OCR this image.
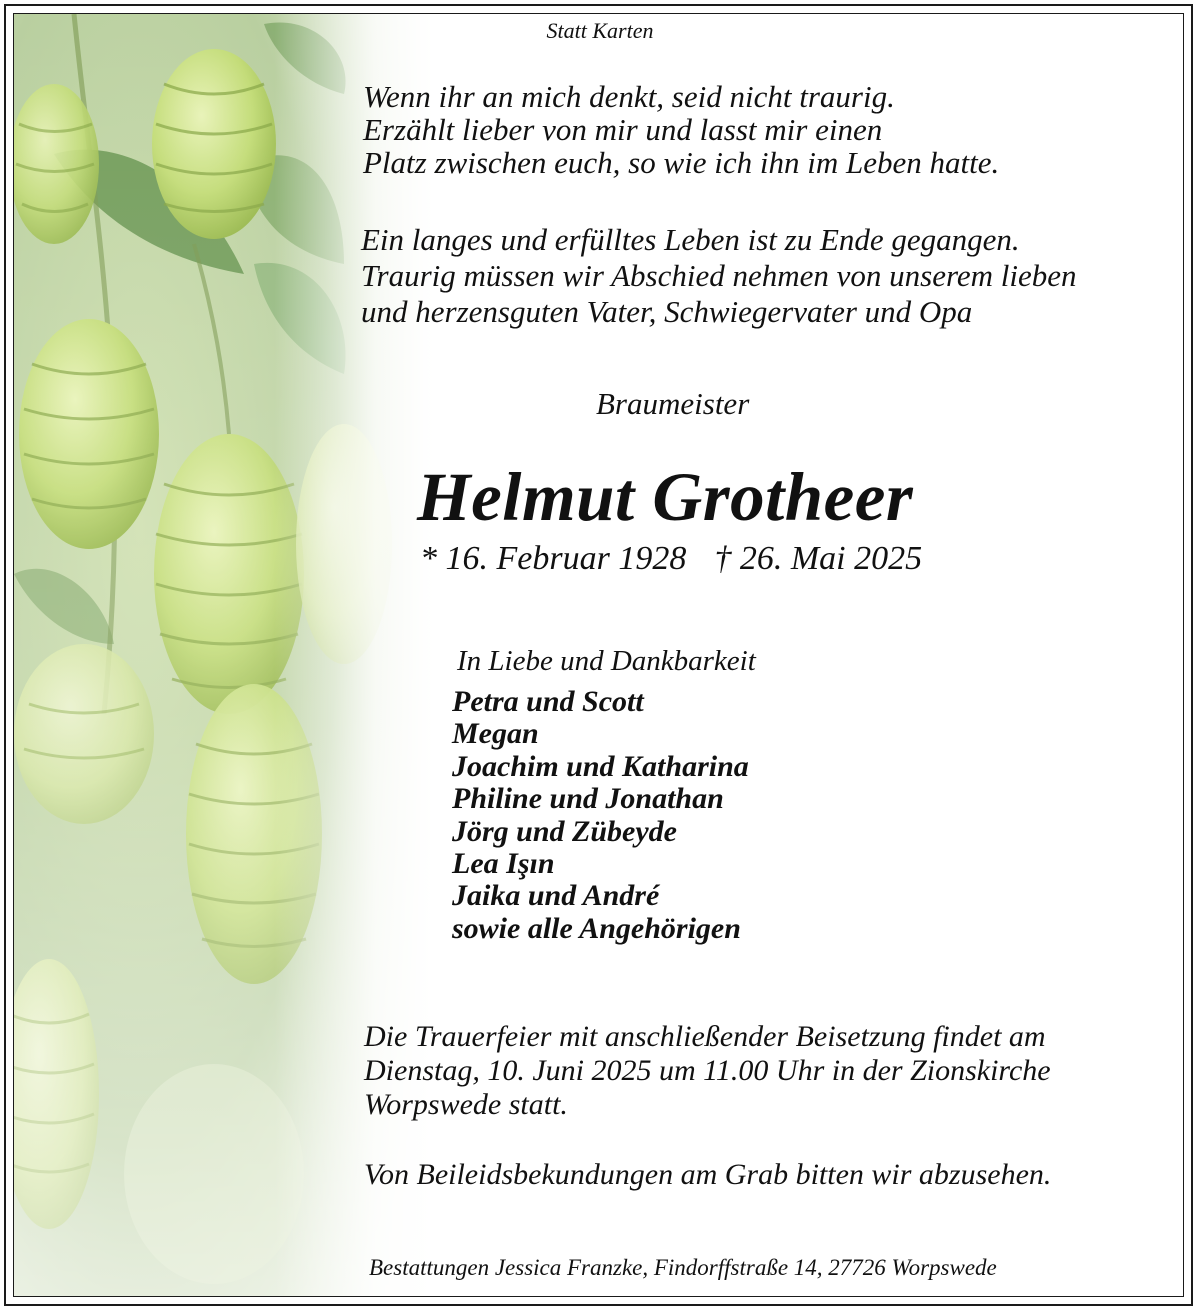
Statt Karten
Wenn ihr an mich denkt, seid nicht traurig.
Erzählt lieber von mir und lasst mir einen
Platz zwischen euch, so wie ich ihn im Leben hatte.
Ein langes und erfülltes Leben ist zu Ende gegangen.
Traurig müssen wir Abschied nehmen von unserem lieben
und herzensguten Vater, Schwiegervater und Opa
Braumeister
Helmut Grotheer
* 16. Februar 1928 † 26. Mai 2025
In Liebe und Dankbarkeit
Petra und Scott
Megan
Joachim und Katharina
Philine und Jonathan
Jörg und Zübeyde
Lea Işın
Jaika und André
sowie alle Angehörigen
Die Trauerfeier mit anschließender Beisetzung findet am
Dienstag, 10. Juni 2025 um 11.00 Uhr in der Zionskirche
Worpswede statt.
Von Beileidsbekundungen am Grab bitten wir abzusehen.
Bestattungen Jessica Franzke, Findorffstraße 14, 27726 Worpswede
